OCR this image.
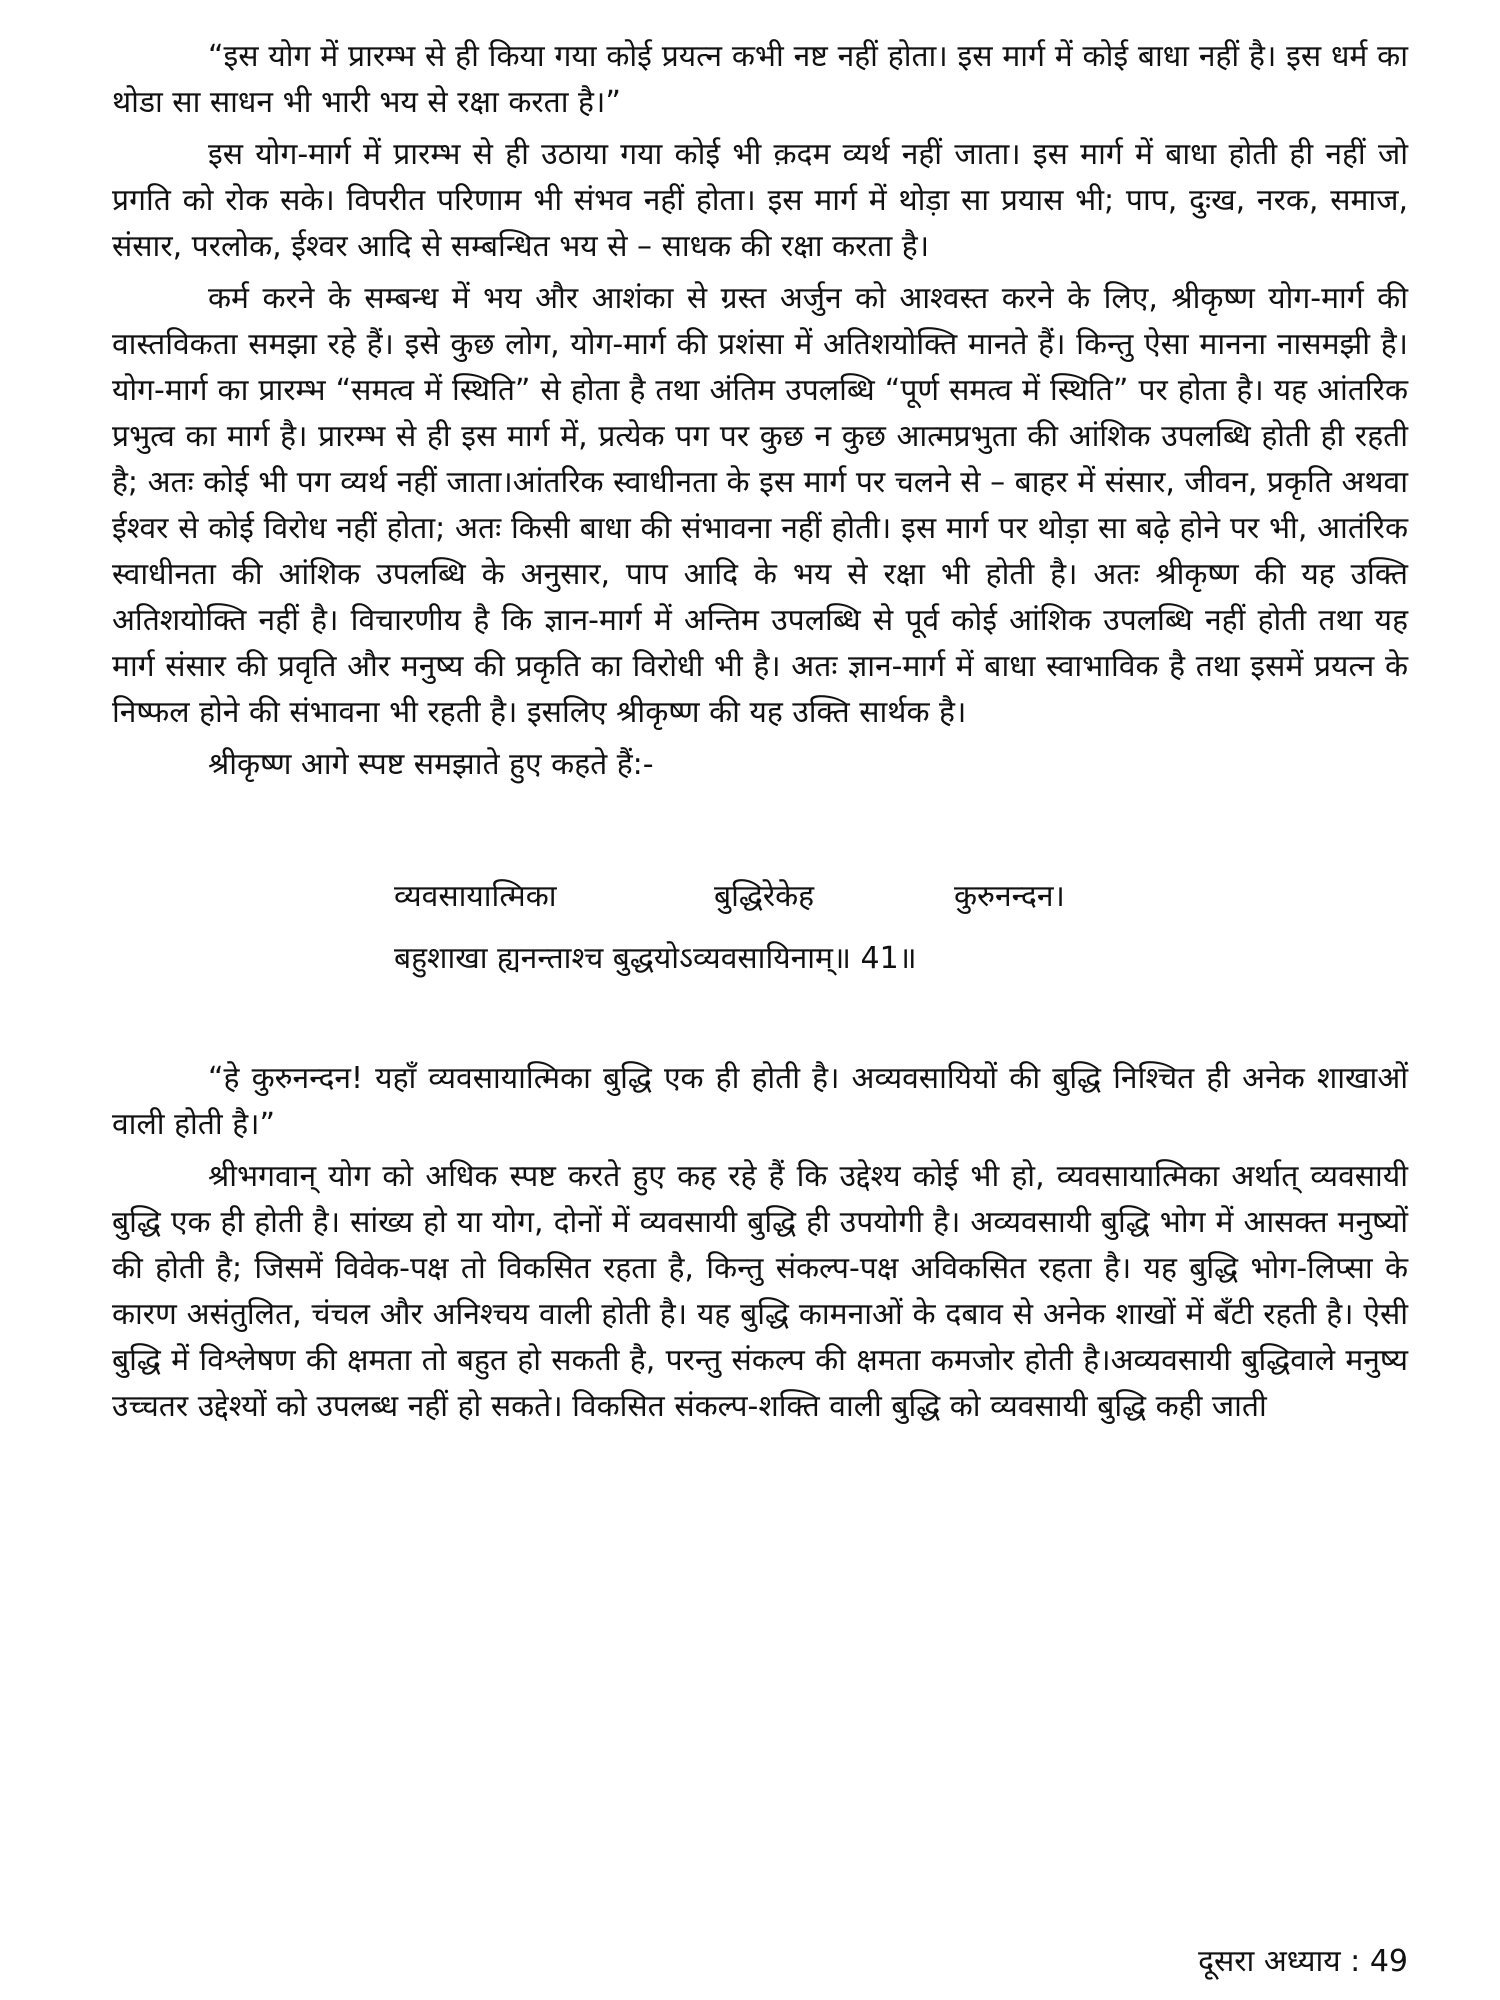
“इस योग में प्रारम्भ से ही किया गया कोई प्रयत्न कभी नष्ट नहीं होता। इस मार्ग में कोई बाधा नहीं है। इस धर्म का थोडा सा साधन भी भारी भय से रक्षा करता है।”

इस योग-मार्ग में प्रारम्भ से ही उठाया गया कोई भी क़दम व्यर्थ नहीं जाता। इस मार्ग में बाधा होती ही नहीं जो प्रगति को रोक सके। विपरीत परिणाम भी संभव नहीं होता। इस मार्ग में थोड़ा सा प्रयास भी; पाप, दुःख, नरक, समाज, संसार, परलोक, ईश्वर आदि से सम्बन्धित भय से – साधक की रक्षा करता है।

कर्म करने के सम्बन्ध में भय और आशंका से ग्रस्त अर्जुन को आश्वस्त करने के लिए, श्रीकृष्ण योग-मार्ग की वास्तविकता समझा रहे हैं। इसे कुछ लोग, योग-मार्ग की प्रशंसा में अतिशयोक्ति मानते हैं। किन्तु ऐसा मानना नासमझी है। योग-मार्ग का प्रारम्भ “समत्व में स्थिति” से होता है तथा अंतिम उपलब्धि “पूर्ण समत्व में स्थिति” पर होता है। यह आंतरिक प्रभुत्व का मार्ग है। प्रारम्भ से ही इस मार्ग में, प्रत्येक पग पर कुछ न कुछ आत्मप्रभुता की आंशिक उपलब्धि होती ही रहती है; अतः कोई भी पग व्यर्थ नहीं जाता।आंतरिक स्वाधीनता के इस मार्ग पर चलने से – बाहर में संसार, जीवन, प्रकृति अथवा ईश्वर से कोई विरोध नहीं होता; अतः किसी बाधा की संभावना नहीं होती। इस मार्ग पर थोड़ा सा बढ़े होने पर भी, आतंरिक स्वाधीनता की आंशिक उपलब्धि के अनुसार, पाप आदि के भय से रक्षा भी होती है। अतः श्रीकृष्ण की यह उक्ति अतिशयोक्ति नहीं है। विचारणीय है कि ज्ञान-मार्ग में अन्तिम उपलब्धि से पूर्व कोई आंशिक उपलब्धि नहीं होती तथा यह मार्ग संसार की प्रवृति और मनुष्य की प्रकृति का विरोधी भी है। अतः ज्ञान-मार्ग में बाधा स्वाभाविक है तथा इसमें प्रयत्न के निष्फल होने की संभावना भी रहती है। इसलिए श्रीकृष्ण की यह उक्ति सार्थक है।

श्रीकृष्ण आगे स्पष्ट समझाते हुए कहते हैं:-

व्यवसायात्मिका	बुद्धिरेकेह	कुरुनन्दन।
बहुशाखा ह्यनन्ताश्च बुद्धयोऽव्यवसायिनाम्॥ 41॥

“हे कुरुनन्दन! यहाँ व्यवसायात्मिका बुद्धि एक ही होती है। अव्यवसायियों की बुद्धि निश्चित ही अनेक शाखाओं वाली होती है।”

श्रीभगवान् योग को अधिक स्पष्ट करते हुए कह रहे हैं कि उद्देश्य कोई भी हो, व्यवसायात्मिका अर्थात् व्यवसायी बुद्धि एक ही होती है। सांख्य हो या योग, दोनों में व्यवसायी बुद्धि ही उपयोगी है। अव्यवसायी बुद्धि भोग में आसक्त मनुष्यों की होती है; जिसमें विवेक-पक्ष तो विकसित रहता है, किन्तु संकल्प-पक्ष अविकसित रहता है। यह बुद्धि भोग-लिप्सा के कारण असंतुलित, चंचल और अनिश्चय वाली होती है। यह बुद्धि कामनाओं के दबाव से अनेक शाखों में बँटी रहती है। ऐसी बुद्धि में विश्लेषण की क्षमता तो बहुत हो सकती है, परन्तु संकल्प की क्षमता कमजोर होती है।अव्यवसायी बुद्धिवाले मनुष्य उच्चतर उद्देश्यों को उपलब्ध नहीं हो सकते। विकसित संकल्प-शक्ति वाली बुद्धि को व्यवसायी बुद्धि कही जाती

दूसरा अध्याय : 49
